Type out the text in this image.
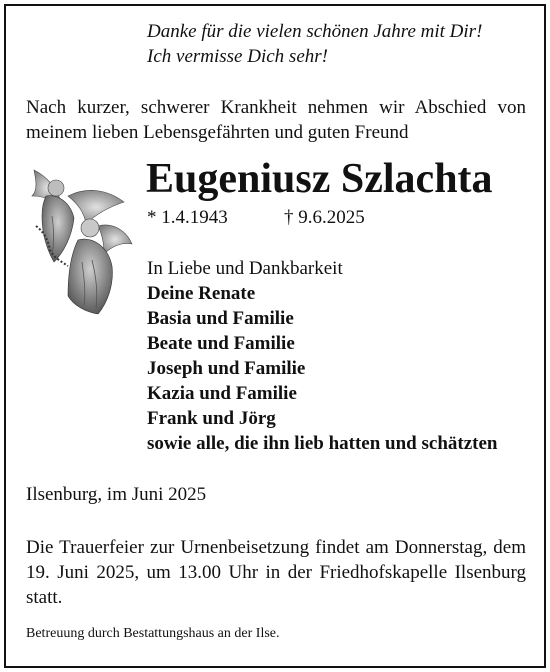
Danke für die vielen schönen Jahre mit Dir!
Ich vermisse Dich sehr!
Nach kurzer, schwerer Krankheit nehmen wir Abschied von meinem lieben Lebensgefährten und guten Freund
Eugeniusz Szlachta
* 1.4.1943	† 9.6.2025
In Liebe und Dankbarkeit
Deine Renate
Basia und Familie
Beate und Familie
Joseph und Familie
Kazia und Familie
Frank und Jörg
sowie alle, die ihn lieb hatten und schätzten
Ilsenburg, im Juni 2025
Die Trauerfeier zur Urnenbeisetzung findet am Donnerstag, dem 19. Juni 2025, um 13.00 Uhr in der Friedhofskapelle Ilsenburg statt.
Betreuung durch Bestattungshaus an der Ilse.
